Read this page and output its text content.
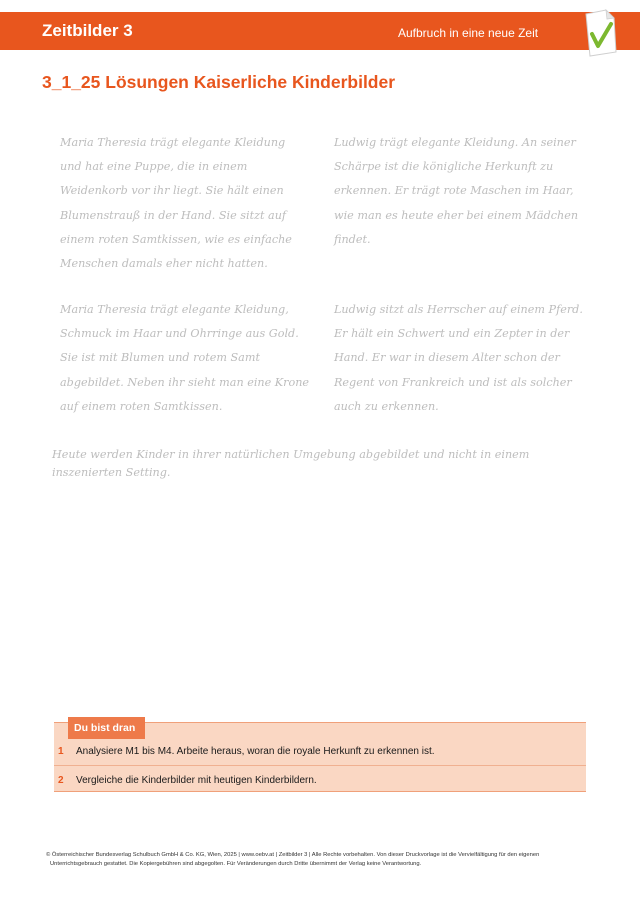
Zeitbilder 3	Aufbruch in eine neue Zeit
3_1_25 Lösungen Kaiserliche Kinderbilder

Maria Theresia trägt elegante Kleidung und hat eine Puppe, die in einem Weidenkorb vor ihr liegt. Sie hält einen Blumenstrauß in der Hand. Sie sitzt auf einem roten Samtkissen, wie es einfache Menschen damals eher nicht hatten.

Ludwig trägt elegante Kleidung. An seiner Schärpe ist die königliche Herkunft zu erkennen. Er trägt rote Maschen im Haar, wie man es heute eher bei einem Mädchen findet.

Maria Theresia trägt elegante Kleidung, Schmuck im Haar und Ohrringe aus Gold. Sie ist mit Blumen und rotem Samt abgebildet. Neben ihr sieht man eine Krone auf einem roten Samtkissen.

Ludwig sitzt als Herrscher auf einem Pferd. Er hält ein Schwert und ein Zepter in der Hand. Er war in diesem Alter schon der Regent von Frankreich und ist als solcher auch zu erkennen.

Heute werden Kinder in ihrer natürlichen Umgebung abgebildet und nicht in einem inszenierten Setting.

Du bist dran
1 Analysiere M1 bis M4. Arbeite heraus, woran die royale Herkunft zu erkennen ist.
2 Vergleiche die Kinderbilder mit heutigen Kinderbildern.
© Österreichischer Bundesverlag Schulbuch GmbH & Co. KG, Wien, 2025 | www.oebv.at | Zeitbilder 3 | Alle Rechte vorbehalten. Von dieser Druckvorlage ist die Vervielfältigung für den eigenen
Unterrichtsgebrauch gestattet. Die Kopiergebühren sind abgegolten. Für Veränderungen durch Dritte übernimmt der Verlag keine Verantwortung.
